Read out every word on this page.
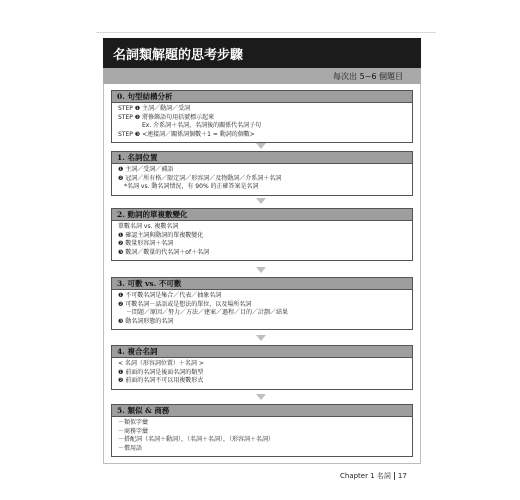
名詞類解題的思考步驟
每次出 5~6 個題目
0. 句型結構分析
STEP ❶ 主詞／動詞／受詞
STEP ❷ 將修飾語句用括號標示起來
Ex. 介系詞＋名詞，名詞後的關係代名詞子句
STEP ❸ <連接詞／關係詞個數＋1 = 動詞的個數>
1. 名詞位置
❶ 主詞／受詞／補語
❷ 冠詞／所有格／限定詞／形容詞／及物動詞／介系詞＋名詞
*名詞 vs. 動名詞情況，有 90% 的正確答案是名詞
2. 動詞的單複數變化
單數名詞 vs. 複數名詞
❶ 確認主詞與動詞的單複數變化
❷ 數量形容詞＋名詞
❸ 數詞／數量的代名詞＋of＋名詞
3. 可數 vs. 不可數
❶ 不可數名詞是集合／代表／抽象名詞
❷ 可數名詞－話語或是想法的單位，以及場所名詞
－問題／原因／努力／方法／建案／過程／目的／計劃／結果
❸ 動名詞形態的名詞
4. 複合名詞
< 名詞（形容詞位置）＋名詞 >
❶ 前面的名詞是後面名詞的類型
❷ 前面的名詞不可以用複數形式
5. 類似 & 商務
－類似字彙
－商務字彙
－搭配詞（名詞＋動詞），（名詞＋名詞），（形容詞＋名詞）
－慣用語
Chapter 1 名詞 17
